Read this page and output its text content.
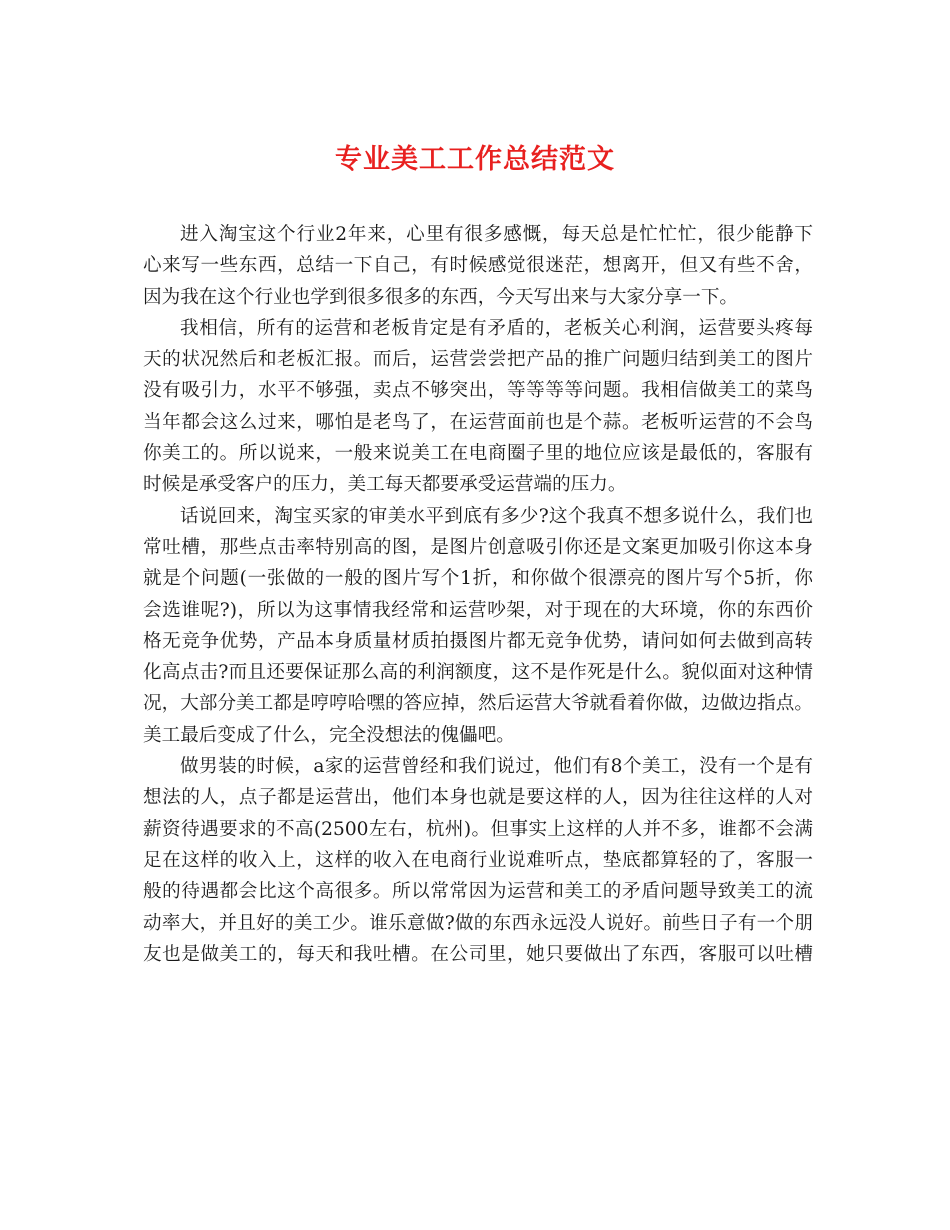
专业美工工作总结范文
进入淘宝这个行业2年来，心里有很多感慨，每天总是忙忙忙，很少能静下
心来写一些东西，总结一下自己，有时候感觉很迷茫，想离开，但又有些不舍，
因为我在这个行业也学到很多很多的东西，今天写出来与大家分享一下。
我相信，所有的运营和老板肯定是有矛盾的，老板关心利润，运营要头疼每
天的状况然后和老板汇报。而后，运营尝尝把产品的推广问题归结到美工的图片
没有吸引力，水平不够强，卖点不够突出，等等等等问题。我相信做美工的菜鸟
当年都会这么过来，哪怕是老鸟了，在运营面前也是个蒜。老板听运营的不会鸟
你美工的。所以说来，一般来说美工在电商圈子里的地位应该是最低的，客服有
时候是承受客户的压力，美工每天都要承受运营端的压力。
话说回来，淘宝买家的审美水平到底有多少?这个我真不想多说什么，我们也
常吐槽，那些点击率特别高的图，是图片创意吸引你还是文案更加吸引你这本身
就是个问题(一张做的一般的图片写个1折，和你做个很漂亮的图片写个5折，你
会选谁呢?)，所以为这事情我经常和运营吵架，对于现在的大环境，你的东西价
格无竞争优势，产品本身质量材质拍摄图片都无竞争优势，请问如何去做到高转
化高点击?而且还要保证那么高的利润额度，这不是作死是什么。貌似面对这种情
况，大部分美工都是哼哼哈嘿的答应掉，然后运营大爷就看着你做，边做边指点。
美工最后变成了什么，完全没想法的傀儡吧。
做男装的时候，a家的运营曾经和我们说过，他们有8个美工，没有一个是有
想法的人，点子都是运营出，他们本身也就是要这样的人，因为往往这样的人对
薪资待遇要求的不高(2500左右，杭州)。但事实上这样的人并不多，谁都不会满
足在这样的收入上，这样的收入在电商行业说难听点，垫底都算轻的了，客服一
般的待遇都会比这个高很多。所以常常因为运营和美工的矛盾问题导致美工的流
动率大，并且好的美工少。谁乐意做?做的东西永远没人说好。前些日子有一个朋
友也是做美工的，每天和我吐槽。在公司里，她只要做出了东西，客服可以吐槽
